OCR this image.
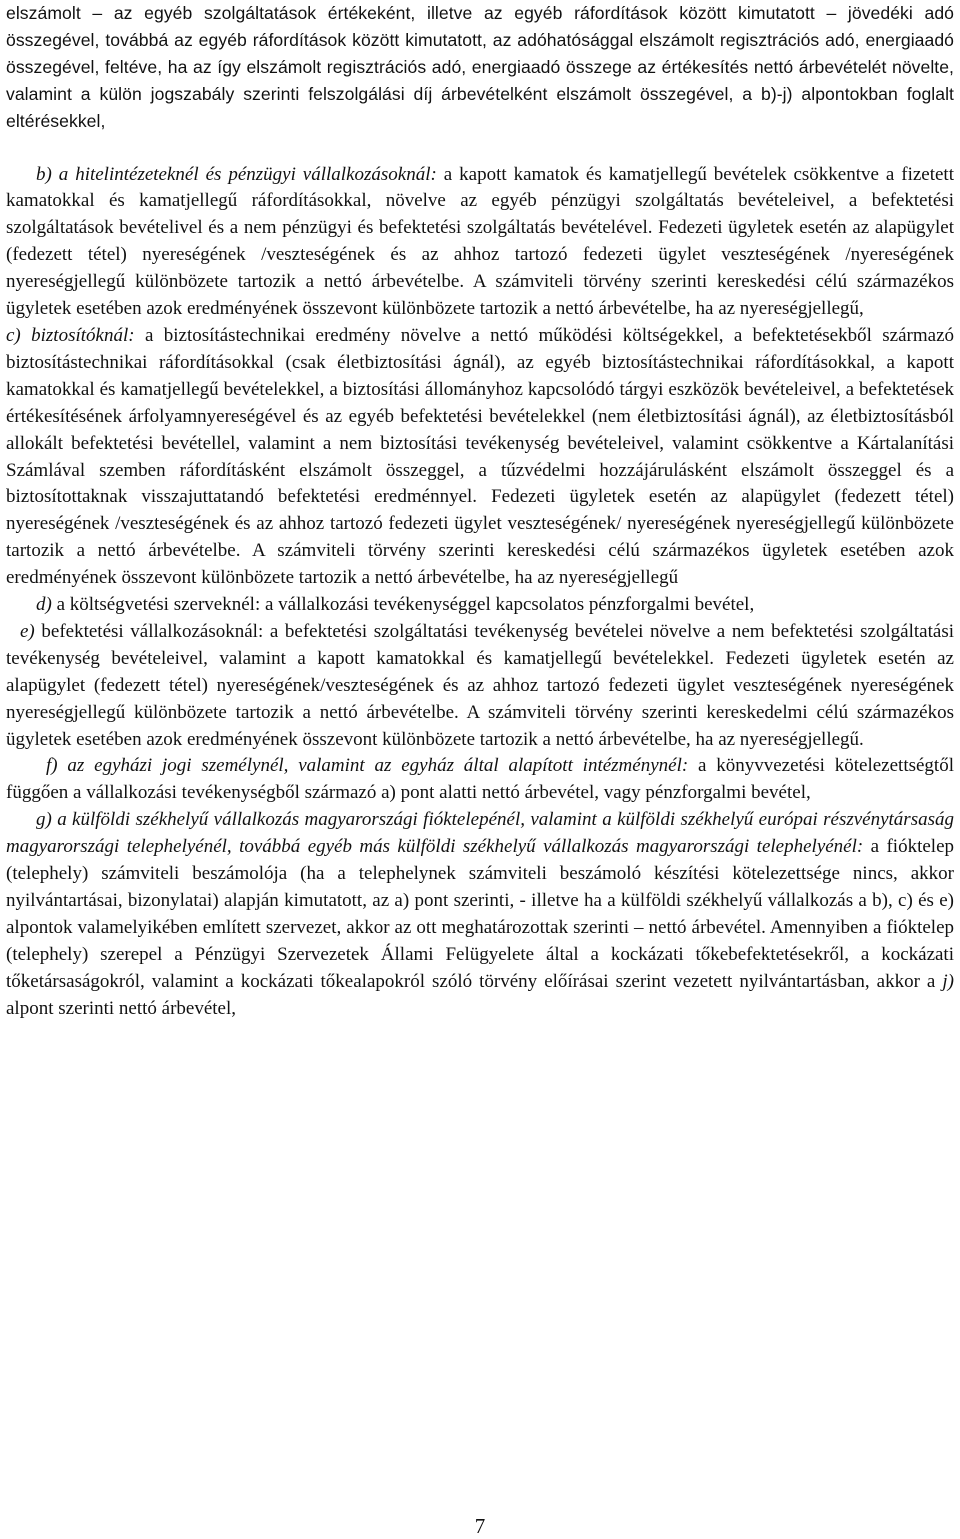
elszámolt – az egyéb szolgáltatások értékeként, illetve az egyéb ráfordítások között kimutatott – jövedéki adó összegével, továbbá az egyéb ráfordítások között kimutatott, az adóhatósággal elszámolt regisztrációs adó, energiaadó összegével, feltéve, ha az így elszámolt regisztrációs adó, energiaadó összege az értékesítés nettó árbevételét növelte, valamint a külön jogszabály szerinti felszolgálási díj árbevételként elszámolt összegével, a b)-j) alpontokban foglalt eltérésekkel,

b) a hitelintézeteknél és pénzügyi vállalkozásoknál: a kapott kamatok és kamatjellegű bevételek csökkentve a fizetett kamatokkal és kamatjellegű ráfordításokkal, növelve az egyéb pénzügyi szolgáltatás bevételeivel, a befektetési szolgáltatások bevételivel és a nem pénzügyi és befektetési szolgáltatás bevételével. Fedezeti ügyletek esetén az alapügylet (fedezett tétel) nyereségének /veszteségének és az ahhoz tartozó fedezeti ügylet veszteségének /nyereségének nyereségjellegű különbözete tartozik a nettó árbevételbe. A számviteli törvény szerinti kereskedési célú származékos ügyletek esetében azok eredményének összevont különbözete tartozik a nettó árbevételbe, ha az nyereségjellegű,

c) biztosítóknál: a biztosítástechnikai eredmény növelve a nettó működési költségekkel, a befektetésekből származó biztosítástechnikai ráfordításokkal (csak életbiztosítási ágnál), az egyéb biztosítástechnikai ráfordításokkal, a kapott kamatokkal és kamatjellegű bevételekkel, a biztosítási állományhoz kapcsolódó tárgyi eszközök bevételeivel, a befektetések értékesítésének árfolyamnyereségével és az egyéb befektetési bevételekkel (nem életbiztosítási ágnál), az életbiztosításból allokált befektetési bevétellel, valamint a nem biztosítási tevékenység bevételeivel, valamint csökkentve a Kártalanítási Számlával szemben ráfordításként elszámolt összeggel, a tűzvédelmi hozzájárulásként elszámolt összeggel és a biztosítottaknak visszajuttatandó befektetési eredménnyel. Fedezeti ügyletek esetén az alapügylet (fedezett tétel) nyereségének /veszteségének és az ahhoz tartozó fedezeti ügylet veszteségének/ nyereségének nyereségjellegű különbözete tartozik a nettó árbevételbe. A számviteli törvény szerinti kereskedési célú származékos ügyletek esetében azok eredményének összevont különbözete tartozik a nettó árbevételbe, ha az nyereségjellegű

d) a költségvetési szerveknél: a vállalkozási tevékenységgel kapcsolatos pénzforgalmi bevétel,

e) befektetési vállalkozásoknál: a befektetési szolgáltatási tevékenység bevételei növelve a nem befektetési szolgáltatási tevékenység bevételeivel, valamint a kapott kamatokkal és kamatjellegű bevételekkel. Fedezeti ügyletek esetén az alapügylet (fedezett tétel) nyereségének/veszteségének és az ahhoz tartozó fedezeti ügylet veszteségének nyereségének nyereségjellegű különbözete tartozik a nettó árbevételbe. A számviteli törvény szerinti kereskedelmi célú származékos ügyletek esetében azok eredményének összevont különbözete tartozik a nettó árbevételbe, ha az nyereségjellegű.

f) az egyházi jogi személynél, valamint az egyház által alapított intézménynél: a könyvvezetési kötelezettségtől függően a vállalkozási tevékenységből származó a) pont alatti nettó árbevétel, vagy pénzforgalmi bevétel,

g) a külföldi székhelyű vállalkozás magyarországi fióktelepénél, valamint a külföldi székhelyű európai részvénytársaság magyarországi telephelyénél, továbbá egyéb más külföldi székhelyű vállalkozás magyarországi telephelyénél: a fióktelep (telephely) számviteli beszámolója (ha a telephelynek számviteli beszámoló készítési kötelezettsége nincs, akkor nyilvántartásai, bizonylatai) alapján kimutatott, az a) pont szerinti, - illetve ha a külföldi székhelyű vállalkozás a b), c) és e) alpontok valamelyikében említett szervezet, akkor az ott meghatározottak szerinti – nettó árbevétel. Amennyiben a fióktelep (telephely) szerepel a Pénzügyi Szervezetek Állami Felügyelete által a kockázati tőkebefektetésekről, a kockázati tőketársaságokról, valamint a kockázati tőkealapokról szóló törvény előírásai szerint vezetett nyilvántartásban, akkor a j) alpont szerinti nettó árbevétel,

7
